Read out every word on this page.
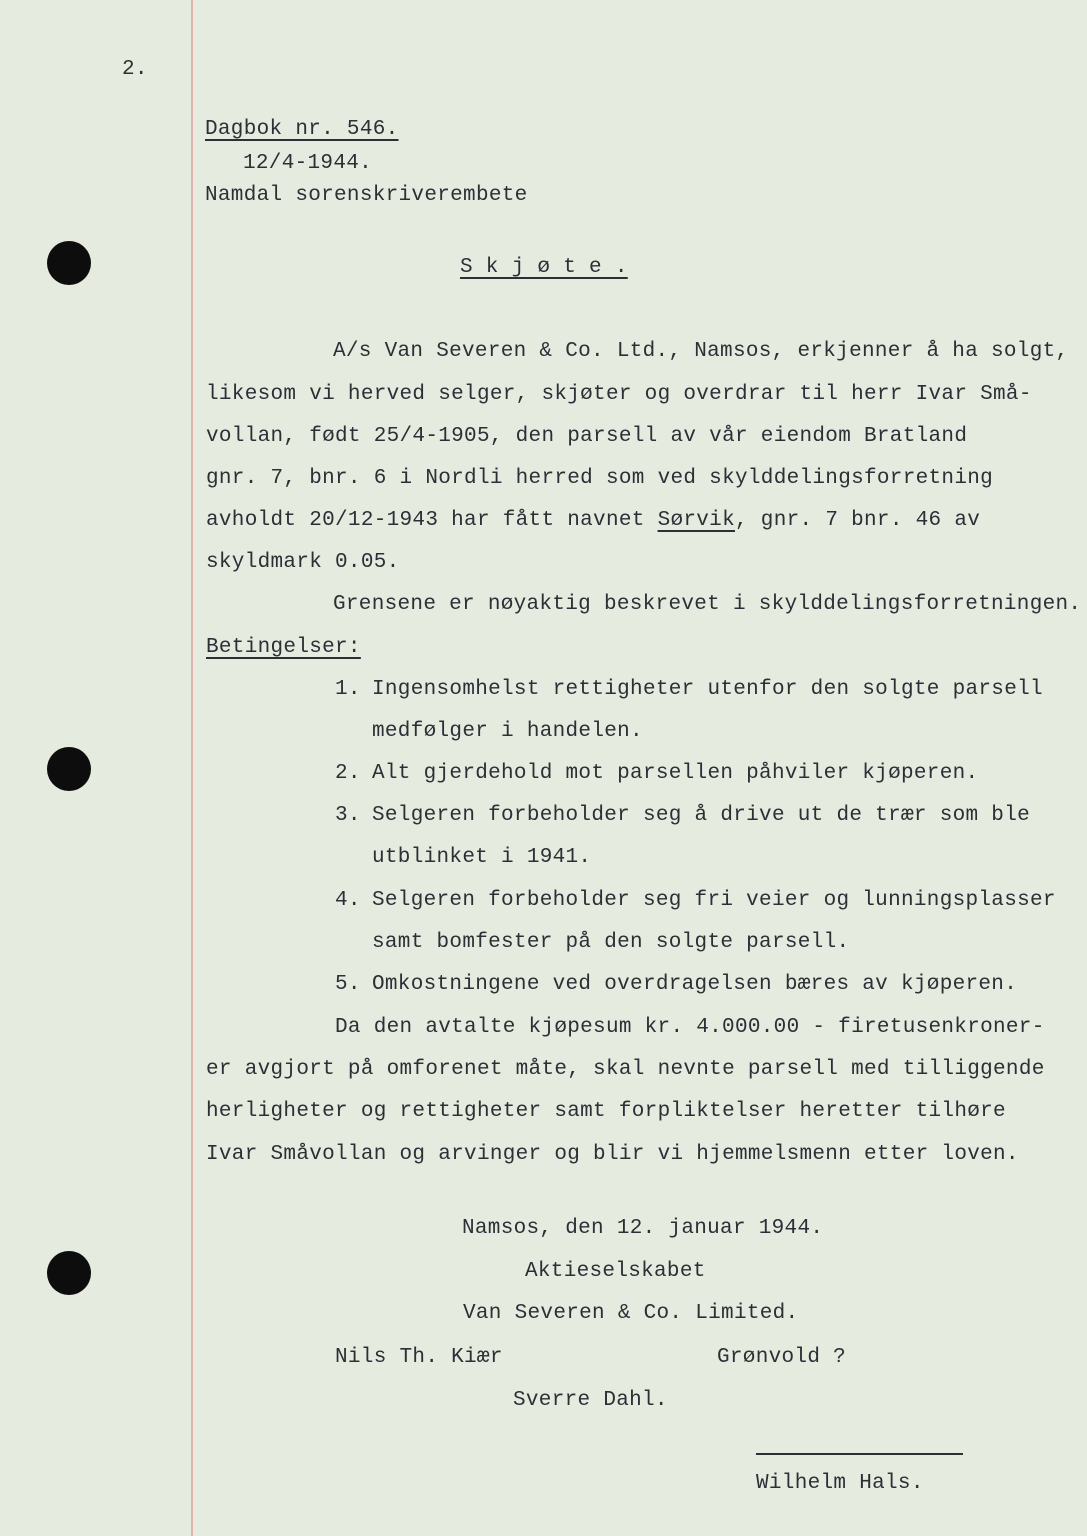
2.
Dagbok nr. 546.
12/4-1944.
Namdal sorenskriverembete
S k j ø t e .
A/s Van Severen & Co. Ltd., Namsos, erkjenner å ha solgt,
likesom vi herved selger, skjøter og overdrar til herr Ivar Små-
vollan, født 25/4-1905, den parsell av vår eiendom Bratland
gnr. 7, bnr. 6 i Nordli herred som ved skylddelingsforretning
avholdt 20/12-1943 har fått navnet Sørvik, gnr. 7 bnr. 46 av
skyldmark 0.05.
Grensene er nøyaktig beskrevet i skylddelingsforretningen.
Betingelser:
1. Ingensomhelst rettigheter utenfor den solgte parsell
medfølger i handelen.
2. Alt gjerdehold mot parsellen påhviler kjøperen.
3. Selgeren forbeholder seg å drive ut de trær som ble
utblinket i 1941.
4. Selgeren forbeholder seg fri veier og lunningsplasser
samt bomfester på den solgte parsell.
5. Omkostningene ved overdragelsen bæres av kjøperen.
Da den avtalte kjøpesum kr. 4.000.00 - firetusenkroner-
er avgjort på omforenet måte, skal nevnte parsell med tilliggende
herligheter og rettigheter samt forpliktelser heretter tilhøre
Ivar Småvollan og arvinger og blir vi hjemmelsmenn etter loven.
Namsos, den 12. januar 1944.
Aktieselskabet
Van Severen & Co. Limited.
Nils Th. Kiær	Grønvold ?
Sverre Dahl.
Wilhelm Hals.
